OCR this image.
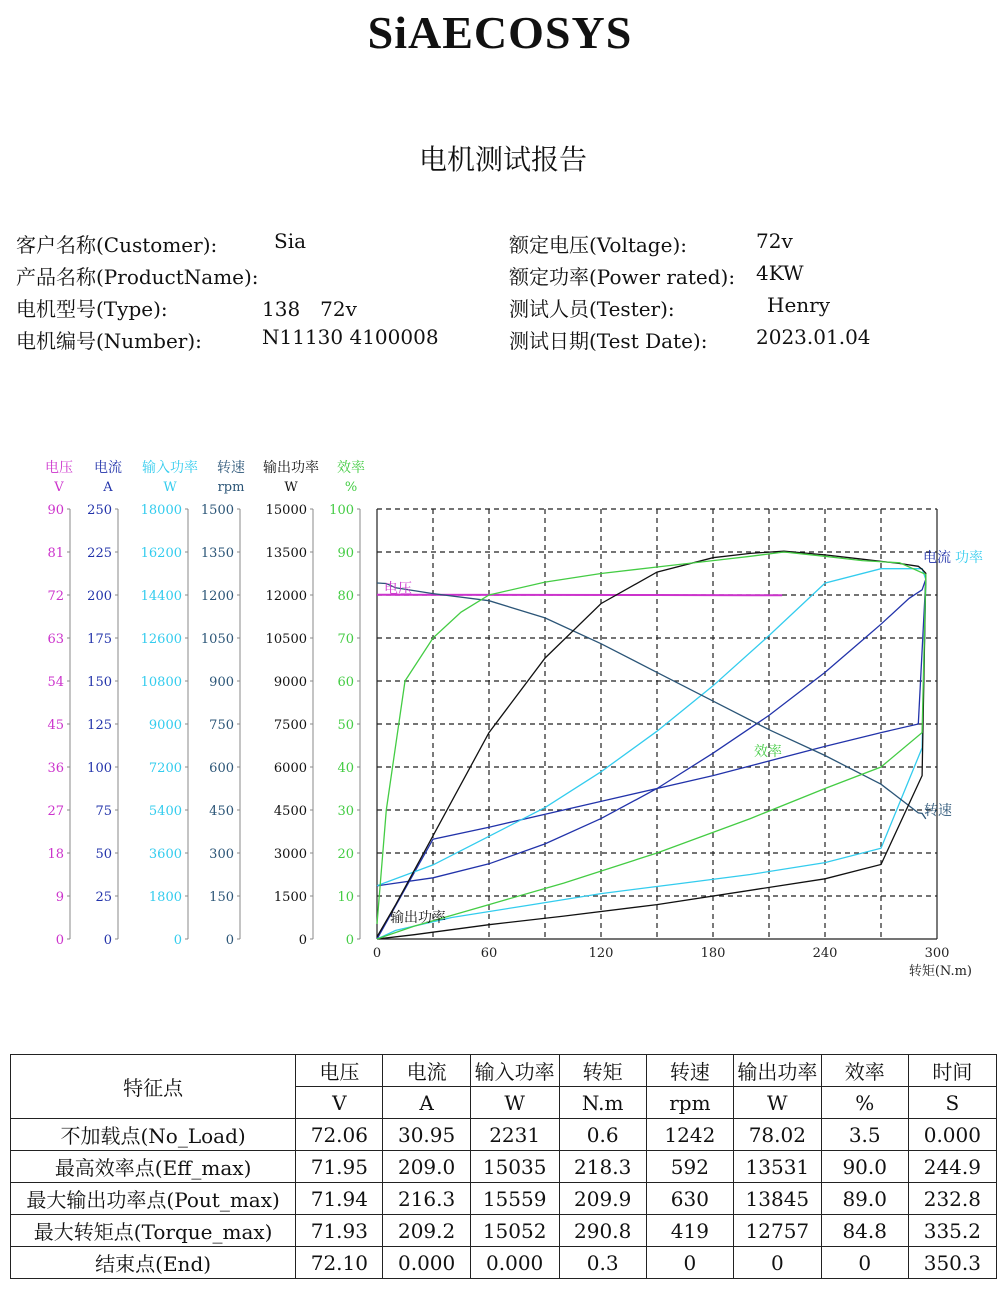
SiAECOSYS
电机测试报告
客户名称(Customer):	Sia
产品名称(ProductName):
电机型号(Type):	138　72v
电机编号(Number):	N11130 4100008
额定电压(Voltage):	72v
额定功率(Power rated): 4KW
测试人员(Tester):	Henry
测试日期(Test Date): 2023.01.04
电压
V
0
9
18
27
36
45
54
63
72
81
90
电流
A
0
25
50
75
100
125
150
175
200
225
250
输入功率
W
0
1800
3600
5400
7200
9000
10800
12600
14400
16200
18000
转速
rpm
0
150
300
450
600
750
900
1050
1200
1350
1500
输出功率
W
0
1500
3000
4500
6000
7500
9000
10500
12000
13500
15000
效率
%
0
10
20
30
40
50
60
70
80
90
100
0	60	120	180	240	300
转矩(N.m)
电压
电流 功率
转速
效率
输出功率
特征点	电压	电流	输入功率	转矩	转速	输出功率	效率	时间
	V	A	W	N.m	rpm	W	%	S
不加载点(No_Load)	72.06	30.95	2231	0.6	1242	78.02	3.5	0.000
最高效率点(Eff_max)	71.95	209.0	15035	218.3	592	13531	90.0	244.9
最大输出功率点(Pout_max)	71.94	216.3	15559	209.9	630	13845	89.0	232.8
最大转矩点(Torque_max)	71.93	209.2	15052	290.8	419	12757	84.8	335.2
结束点(End)	72.10	0.000	0.000	0.3	0	0	0	350.3
